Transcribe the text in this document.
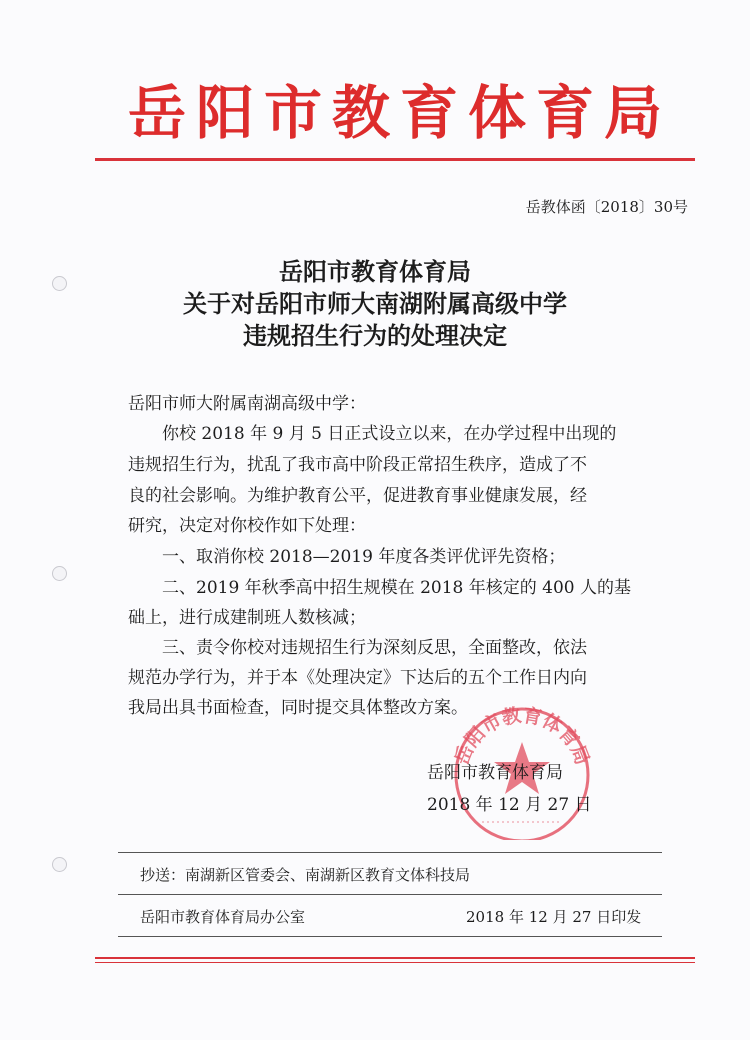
岳阳市教育体育局
岳教体函〔2018〕30号
岳阳市教育体育局
关于对岳阳市师大南湖附属高级中学
违规招生行为的处理决定
岳阳市师大附属南湖高级中学：
　　你校 2018 年 9 月 5 日正式设立以来，在办学过程中出现的
违规招生行为，扰乱了我市高中阶段正常招生秩序，造成了不
良的社会影响。为维护教育公平，促进教育事业健康发展，经
研究，决定对你校作如下处理：
　　一、取消你校 2018—2019 年度各类评优评先资格；
　　二、2019 年秋季高中招生规模在 2018 年核定的 400 人的基
础上，进行成建制班人数核减；
　　三、责令你校对违规招生行为深刻反思，全面整改，依法
规范办学行为，并于本《处理决定》下达后的五个工作日内向
我局出具书面检查，同时提交具体整改方案。
岳阳市教育体育局
岳阳市教育体育局
2018 年 12 月 27 日
抄送：南湖新区管委会、南湖新区教育文体科技局
岳阳市教育体育局办公室	2018 年 12 月 27 日印发
